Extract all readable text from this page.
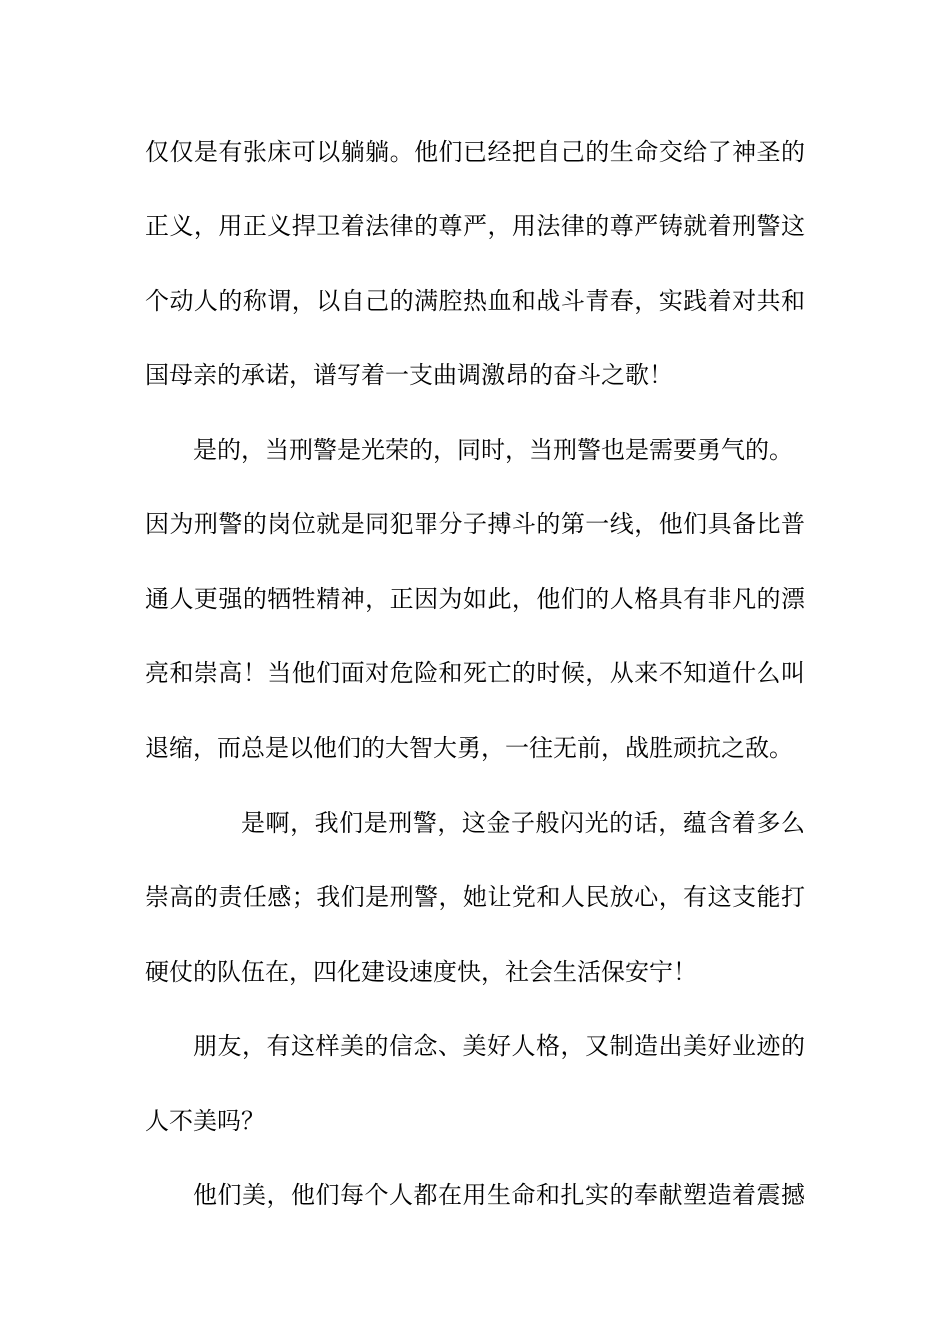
仅仅是有张床可以躺躺。他们已经把自己的生命交给了神圣的
正义，用正义捍卫着法律的尊严，用法律的尊严铸就着刑警这
个动人的称谓，以自己的满腔热血和战斗青春，实践着对共和
国母亲的承诺，谱写着一支曲调激昂的奋斗之歌！
是的，当刑警是光荣的，同时，当刑警也是需要勇气的。
因为刑警的岗位就是同犯罪分子搏斗的第一线，他们具备比普
通人更强的牺牲精神，正因为如此，他们的人格具有非凡的漂
亮和崇高！当他们面对危险和死亡的时候，从来不知道什么叫
退缩，而总是以他们的大智大勇，一往无前，战胜顽抗之敌。
是啊，我们是刑警，这金子般闪光的话，蕴含着多么
崇高的责任感；我们是刑警，她让党和人民放心，有这支能打
硬仗的队伍在，四化建设速度快，社会生活保安宁！
朋友，有这样美的信念、美好人格，又制造出美好业迹的
人不美吗？
他们美，他们每个人都在用生命和扎实的奉献塑造着震撼
